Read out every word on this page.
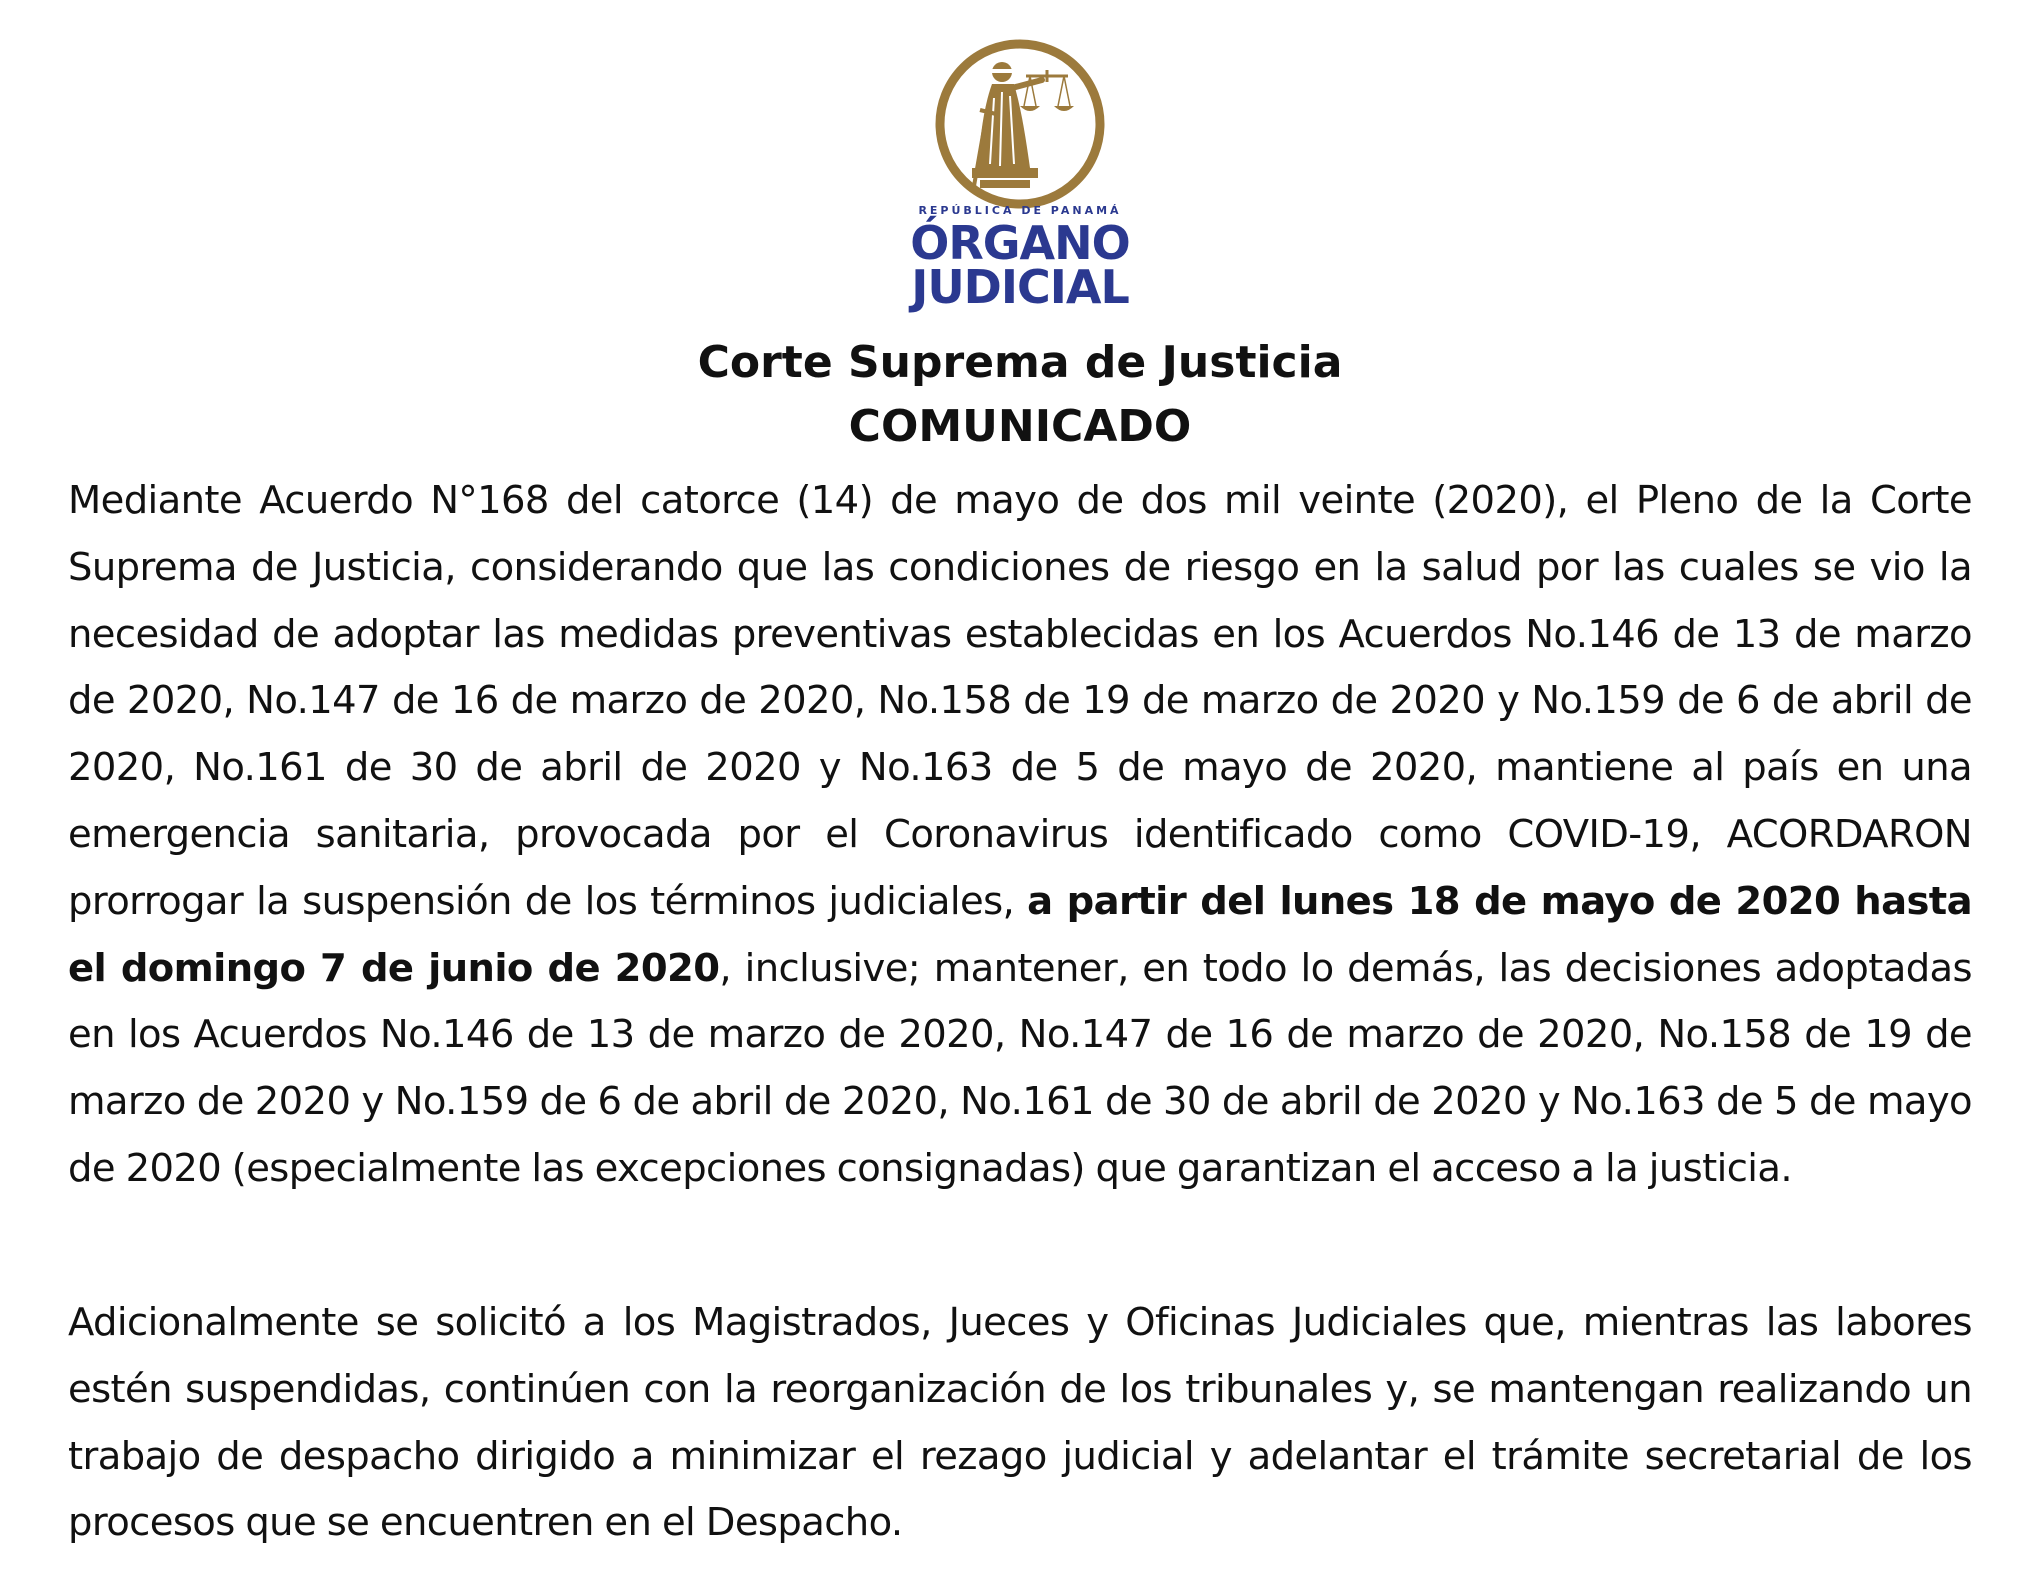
REPÚBLICA DE PANAMÁ
ÓRGANO
JUDICIAL
Corte Suprema de Justicia
COMUNICADO
Mediante Acuerdo N°168 del catorce (14) de mayo de dos mil veinte (2020), el Pleno de la Corte Suprema de Justicia, considerando que las condiciones de riesgo en la salud por las cuales se vio la necesidad de adoptar las medidas preventivas establecidas en los Acuerdos No.146 de 13 de marzo de 2020, No.147 de 16 de marzo de 2020, No.158 de 19 de marzo de 2020 y No.159 de 6 de abril de 2020, No.161 de 30 de abril de 2020 y No.163 de 5 de mayo de 2020, mantiene al país en una emergencia sanitaria, provocada por el Coronavirus identificado como COVID-19, ACORDARON prorrogar la suspensión de los términos judiciales, a partir del lunes 18 de mayo de 2020 hasta el domingo 7 de junio de 2020, inclusive; mantener, en todo lo demás, las decisiones adoptadas en los Acuerdos No.146 de 13 de marzo de 2020, No.147 de 16 de marzo de 2020, No.158 de 19 de marzo de 2020 y No.159 de 6 de abril de 2020, No.161 de 30 de abril de 2020 y No.163 de 5 de mayo de 2020 (especialmente las excepciones consignadas) que garantizan el acceso a la justicia.
Adicionalmente se solicitó a los Magistrados, Jueces y Oficinas Judiciales que, mientras las labores estén suspendidas, continúen con la reorganización de los tribunales y, se mantengan realizando un trabajo de despacho dirigido a minimizar el rezago judicial y adelantar el trámite secretarial de los procesos que se encuentren en el Despacho.
